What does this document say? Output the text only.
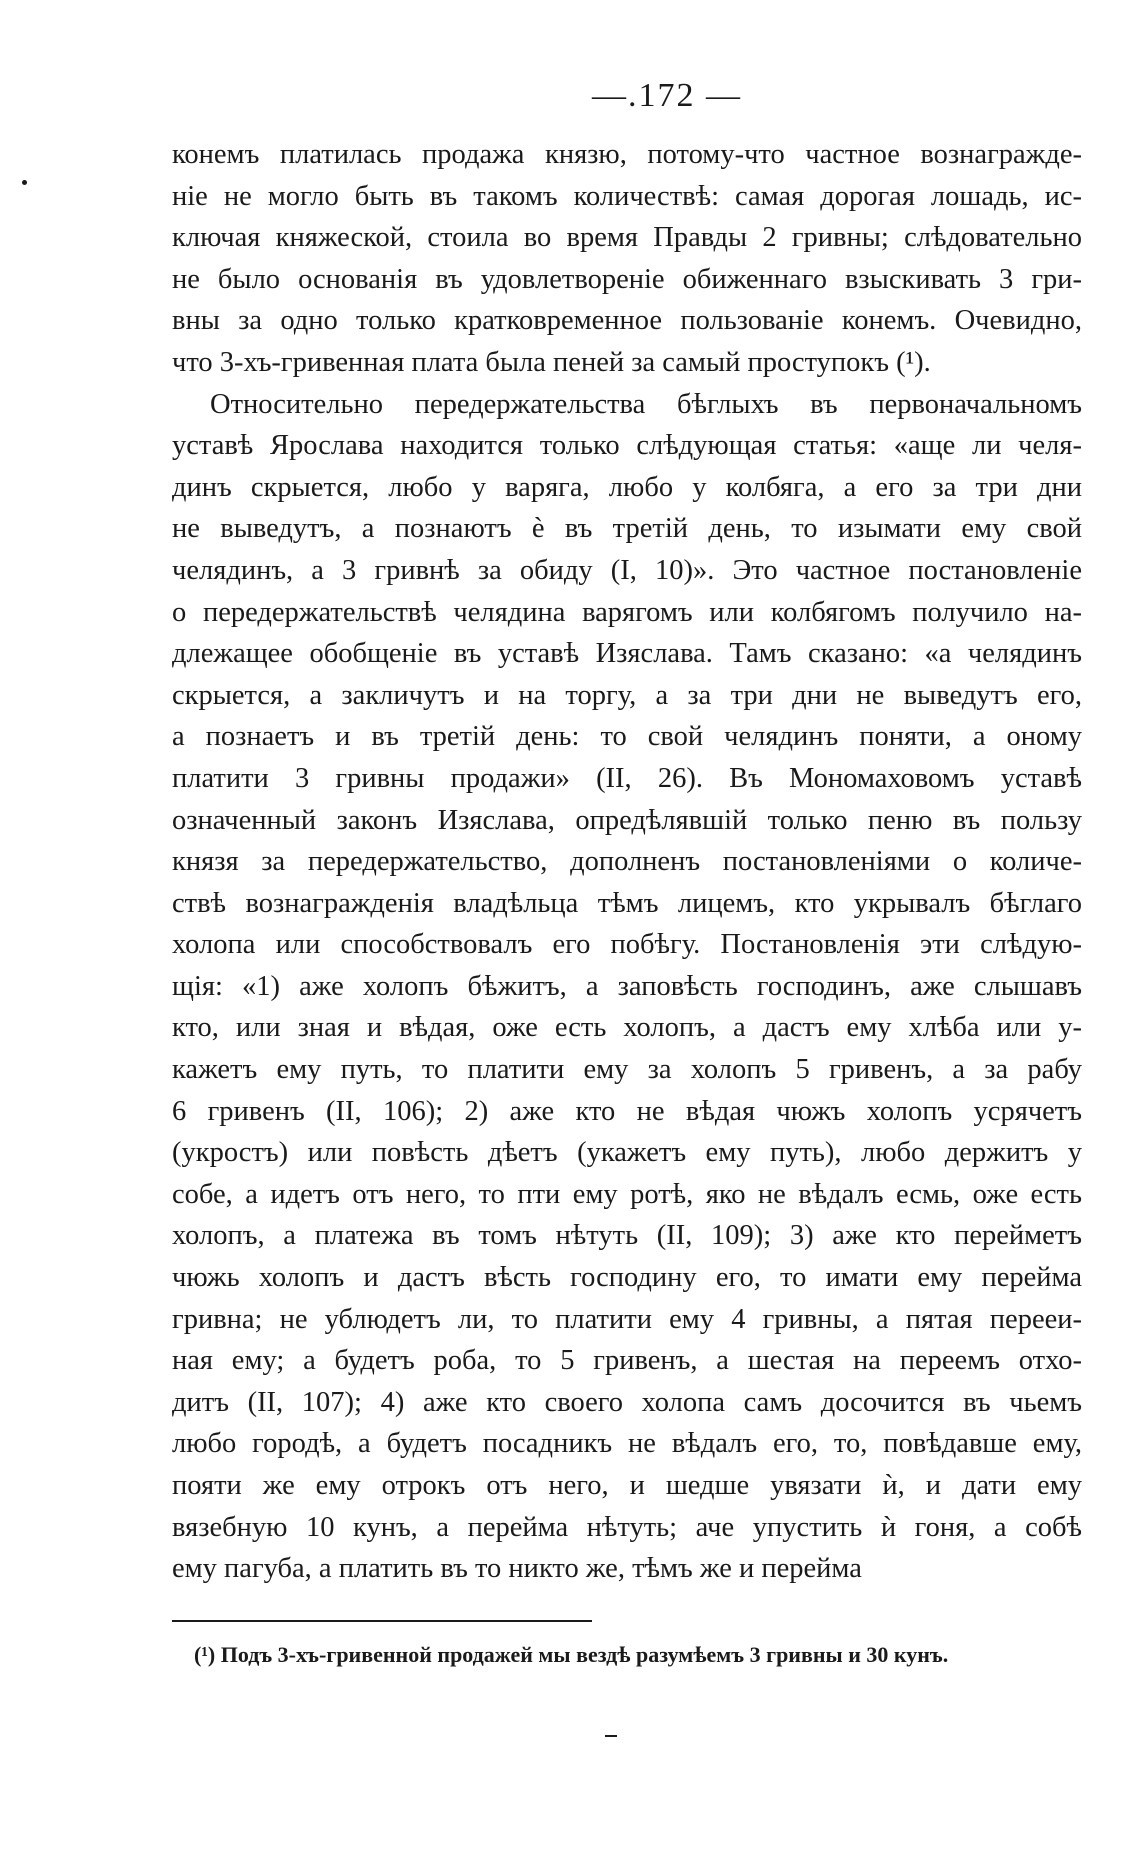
—.172 —
конемъ платилась продажа князю, потому-что частное вознагражде-
ніе не могло быть въ такомъ количествѣ: самая дорогая лошадь, ис-
ключая княжеской, стоила во время Правды 2 гривны; слѣдовательно
не было основанія въ удовлетвореніе обиженнаго взыскивать 3 гри-
вны за одно только кратковременное пользованіе конемъ. Очевидно,
что 3-хъ-гривенная плата была пеней за самый проступокъ (¹).
Относительно передержательства бѣглыхъ въ первоначальномъ
уставѣ Ярослава находится только слѣдующая статья: «аще ли челя-
динъ скрыется, любо у варяга, любо у колбяга, а его за три дни
не выведутъ, а познаютъ è въ третій день, то изымати ему свой
челядинъ, а 3 гривнѣ за обиду (I, 10)». Это частное постановленіе
о передержательствѣ челядина варягомъ или колбягомъ получило на-
длежащее обобщеніе въ уставѣ Изяслава. Тамъ сказано: «а челядинъ
скрыется, а закличутъ и на торгу, а за три дни не выведутъ его,
а познаетъ и въ третій день: то свой челядинъ поняти, а оному
платити 3 гривны продажи» (II, 26). Въ Мономаховомъ уставѣ
означенный законъ Изяслава, опредѣлявшій только пеню въ пользу
князя за передержательство, дополненъ постановленіями о количе-
ствѣ вознагражденія владѣльца тѣмъ лицемъ, кто укрывалъ бѣглаго
холопа или способствовалъ его побѣгу. Постановленія эти слѣдую-
щія: «1) аже холопъ бѣжитъ, а заповѣсть господинъ, аже слышавъ
кто, или зная и вѣдая, оже есть холопъ, а дастъ ему хлѣба или у-
кажетъ ему путь, то платити ему за холопъ 5 гривенъ, а за рабу
6 гривенъ (II, 106); 2) аже кто не вѣдая чюжъ холопъ усрячетъ
(укростъ) или повѣсть дѣетъ (укажетъ ему путь), любо держитъ у
собе, а идетъ отъ него, то пти ему ротѣ, яко не вѣдалъ есмь, оже есть
холопъ, а платежа въ томъ нѣтуть (II, 109); 3) аже кто перейметъ
чюжь холопъ и дастъ вѣсть господину его, то имати ему перейма
гривна; не ублюдетъ ли, то платити ему 4 гривны, а пятая перееи-
ная ему; а будетъ роба, то 5 гривенъ, а шестая на переемъ отхо-
дитъ (II, 107); 4) аже кто своего холопа самъ досочится въ чьемъ
любо городѣ, а будетъ посадникъ не вѣдалъ его, то, повѣдавше ему,
пояти же ему отрокъ отъ него, и шедше увязати ѝ, и дати ему
вязебную 10 кунъ, а перейма нѣтуть; аче упустить ѝ гоня, а собѣ
ему пагуба, а платить въ то никто же, тѣмъ же и перейма
(¹) Подъ 3-хъ-гривенной продажей мы вездѣ разумѣемъ 3 гривны и 30 кунъ.
